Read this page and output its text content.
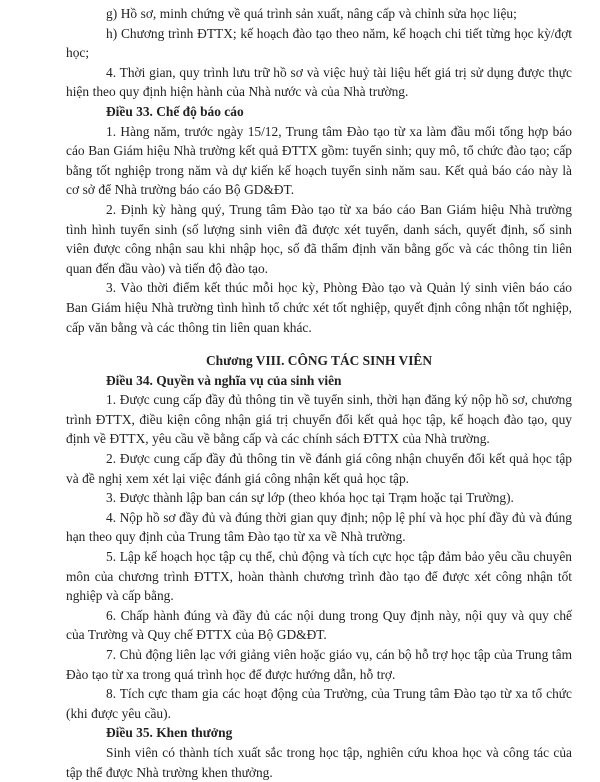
g) Hồ sơ, minh chứng về quá trình sản xuất, nâng cấp và chỉnh sửa học liệu;

h) Chương trình ĐTTX; kế hoạch đào tạo theo năm, kế hoạch chi tiết từng học kỳ/đợt học;

4. Thời gian, quy trình lưu trữ hồ sơ và việc huỷ tài liệu hết giá trị sử dụng được thực hiện theo quy định hiện hành của Nhà nước và của Nhà trường.

Điều 33. Chế độ báo cáo

1. Hàng năm, trước ngày 15/12, Trung tâm Đào tạo từ xa làm đầu mối tổng hợp báo cáo Ban Giám hiệu Nhà trường kết quả ĐTTX gồm: tuyển sinh; quy mô, tổ chức đào tạo; cấp bằng tốt nghiệp trong năm và dự kiến kế hoạch tuyển sinh năm sau. Kết quả báo cáo này là cơ sở để Nhà trường báo cáo Bộ GD&ĐT.

2. Định kỳ hàng quý, Trung tâm Đào tạo từ xa báo cáo Ban Giám hiệu Nhà trường tình hình tuyển sinh (số lượng sinh viên đã được xét tuyển, danh sách, quyết định, số sinh viên được công nhận sau khi nhập học, số đã thẩm định văn bằng gốc và các thông tin liên quan đến đầu vào) và tiến độ đào tạo.

3. Vào thời điểm kết thúc mỗi học kỳ, Phòng Đào tạo và Quản lý sinh viên báo cáo Ban Giám hiệu Nhà trường tình hình tổ chức xét tốt nghiệp, quyết định công nhận tốt nghiệp, cấp văn bằng và các thông tin liên quan khác.

Chương VIII. CÔNG TÁC SINH VIÊN

Điều 34. Quyền và nghĩa vụ của sinh viên

1. Được cung cấp đầy đủ thông tin về tuyển sinh, thời hạn đăng ký nộp hồ sơ, chương trình ĐTTX, điều kiện công nhận giá trị chuyển đổi kết quả học tập, kế hoạch đào tạo, quy định về ĐTTX, yêu cầu về bằng cấp và các chính sách ĐTTX của Nhà trường.

2. Được cung cấp đầy đủ thông tin về đánh giá công nhận chuyển đổi kết quả học tập và đề nghị xem xét lại việc đánh giá công nhận kết quả học tập.

3. Được thành lập ban cán sự lớp (theo khóa học tại Trạm hoặc tại Trường).

4. Nộp hồ sơ đầy đủ và đúng thời gian quy định; nộp lệ phí và học phí đầy đủ và đúng hạn theo quy định của Trung tâm Đào tạo từ xa về Nhà trường.

5. Lập kế hoạch học tập cụ thể, chủ động và tích cực học tập đảm bảo yêu cầu chuyên môn của chương trình ĐTTX, hoàn thành chương trình đào tạo để được xét công nhận tốt nghiệp và cấp bằng.

6. Chấp hành đúng và đầy đủ các nội dung trong Quy định này, nội quy và quy chế của Trường và Quy chế ĐTTX của Bộ GD&ĐT.

7. Chủ động liên lạc với giảng viên hoặc giáo vụ, cán bộ hỗ trợ học tập của Trung tâm Đào tạo từ xa trong quá trình học để được hướng dẫn, hỗ trợ.

8. Tích cực tham gia các hoạt động của Trường, của Trung tâm Đào tạo từ xa tổ chức (khi được yêu cầu).

Điều 35. Khen thưởng

Sinh viên có thành tích xuất sắc trong học tập, nghiên cứu khoa học và công tác của tập thể được Nhà trường khen thưởng.
